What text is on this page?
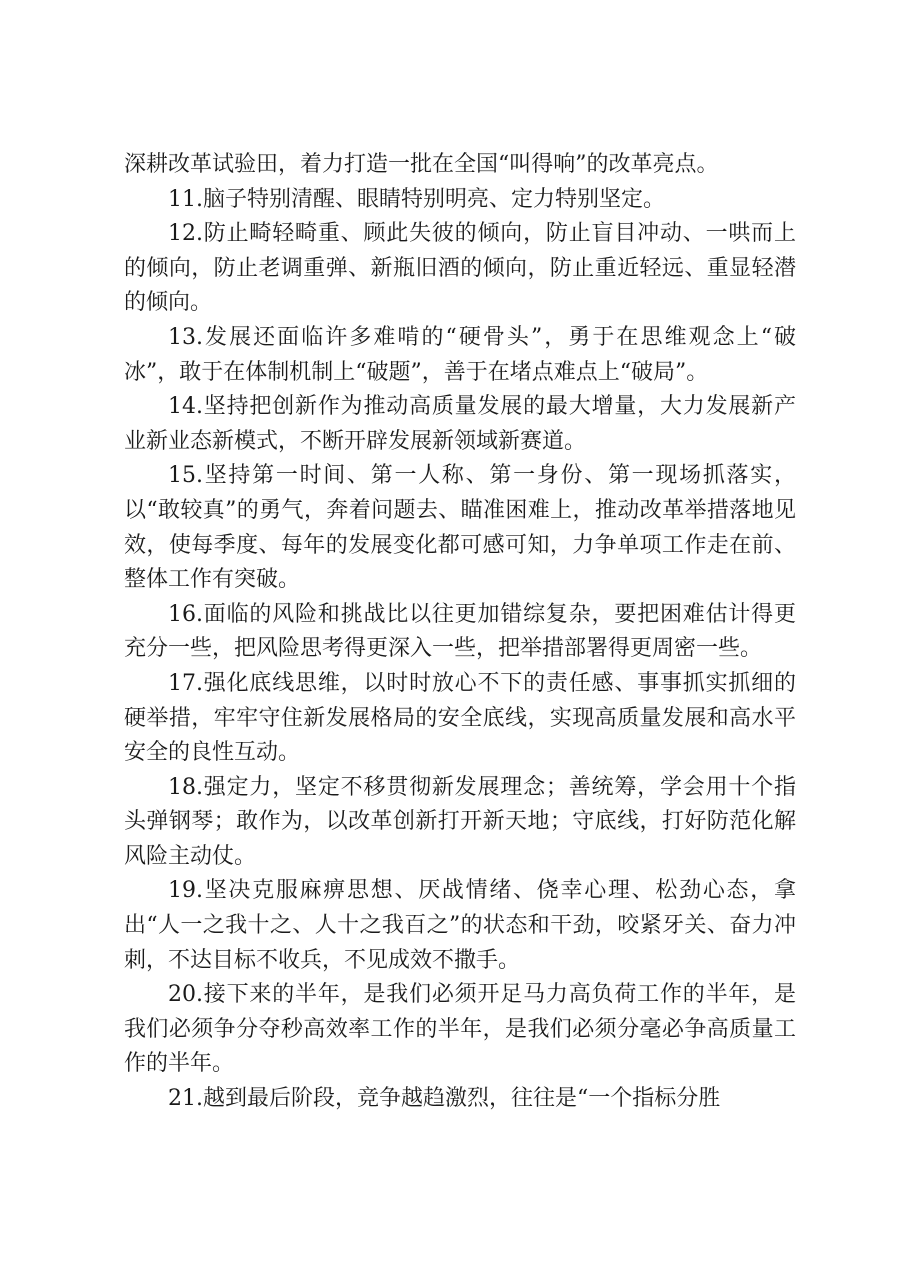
深耕改革试验田，着力打造一批在全国“叫得响”的改革亮点。

11.脑子特别清醒、眼睛特别明亮、定力特别坚定。

12.防止畸轻畸重、顾此失彼的倾向，防止盲目冲动、一哄而上的倾向，防止老调重弹、新瓶旧酒的倾向，防止重近轻远、重显轻潜的倾向。

13.发展还面临许多难啃的“硬骨头”，勇于在思维观念上“破冰”，敢于在体制机制上“破题”，善于在堵点难点上“破局”。

14.坚持把创新作为推动高质量发展的最大增量，大力发展新产业新业态新模式，不断开辟发展新领域新赛道。

15.坚持第一时间、第一人称、第一身份、第一现场抓落实，以“敢较真”的勇气，奔着问题去、瞄准困难上，推动改革举措落地见效，使每季度、每年的发展变化都可感可知，力争单项工作走在前、整体工作有突破。

16.面临的风险和挑战比以往更加错综复杂，要把困难估计得更充分一些，把风险思考得更深入一些，把举措部署得更周密一些。

17.强化底线思维，以时时放心不下的责任感、事事抓实抓细的硬举措，牢牢守住新发展格局的安全底线，实现高质量发展和高水平安全的良性互动。

18.强定力，坚定不移贯彻新发展理念；善统筹，学会用十个指头弹钢琴；敢作为，以改革创新打开新天地；守底线，打好防范化解风险主动仗。

19.坚决克服麻痹思想、厌战情绪、侥幸心理、松劲心态，拿出“人一之我十之、人十之我百之”的状态和干劲，咬紧牙关、奋力冲刺，不达目标不收兵，不见成效不撒手。

20.接下来的半年，是我们必须开足马力高负荷工作的半年，是我们必须争分夺秒高效率工作的半年，是我们必须分毫必争高质量工作的半年。

21.越到最后阶段，竞争越趋激烈，往往是“一个指标分胜
